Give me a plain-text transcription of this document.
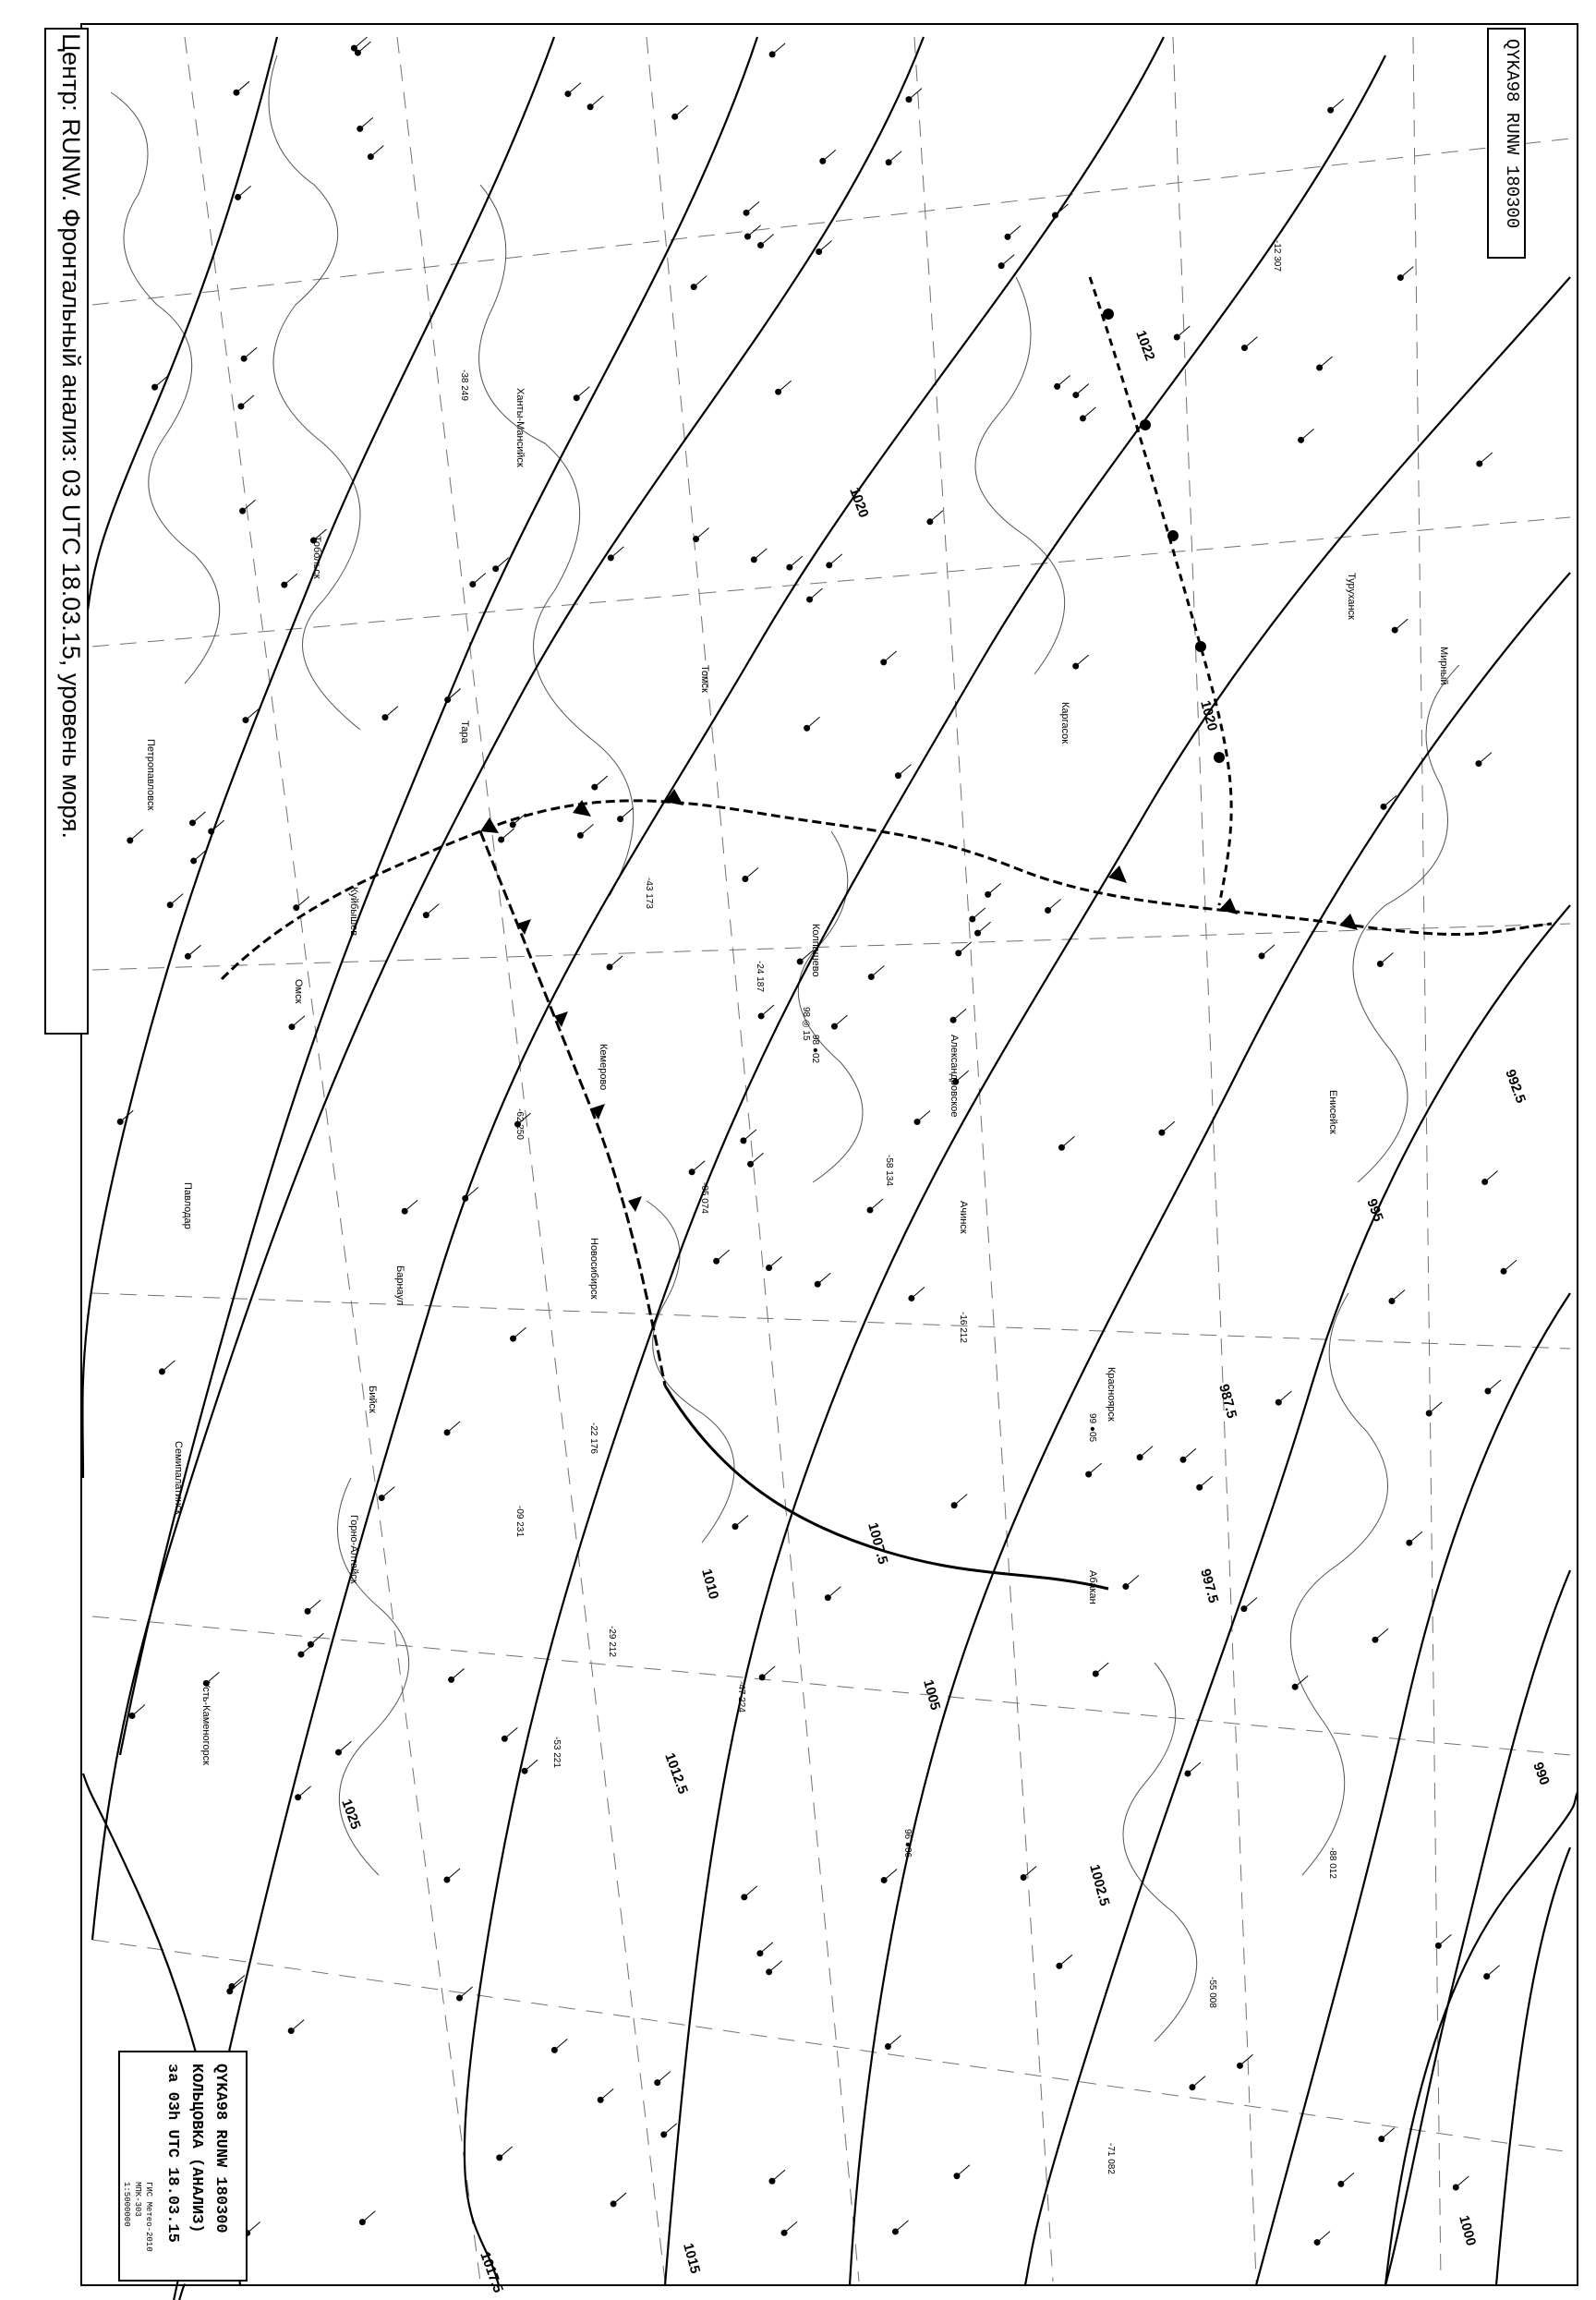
1022
1020
1025
1017.5	1015
1012.5
1010
1007.5
1005
1002.5
1000
997.5
995
992.5
990
987.5
1020
-16 212
99 ●05
-05 074
98 ◎ 15
-24 187
-09 231
-53 221
96 ●06
-43 173
98 ●02
-71 082
-55 008
-88 012
-22 176
-29 212
-47 224
-58 134
-62 250
-38 249
-12 307
Томск
Новосибирск
Барнаул
Кемерово	Александровское
Каргасок
Колпашево
Бийск
Омск
Тара
Туруханск
Енисейск
Мирный
Красноярск
Ачинск
Абакан
Горно-Алтайск
Усть-Каменогорск
Семипалатинск
Павлодар
Петропавловск
Куйбышев
Тобольск
Ханты-Мансийск
Центр: RUNW. Фронтальный анализ: 03 UTC 18.03.15, уровень моря.	QYKA98 RUNW 180300
QYKA98 RUNW 180300
КОЛЬЦОВКА (АНАЛИЗ)
за 03h UTC 18.03.15
ГИС Метео-2010
МПК-303
1:5000000
